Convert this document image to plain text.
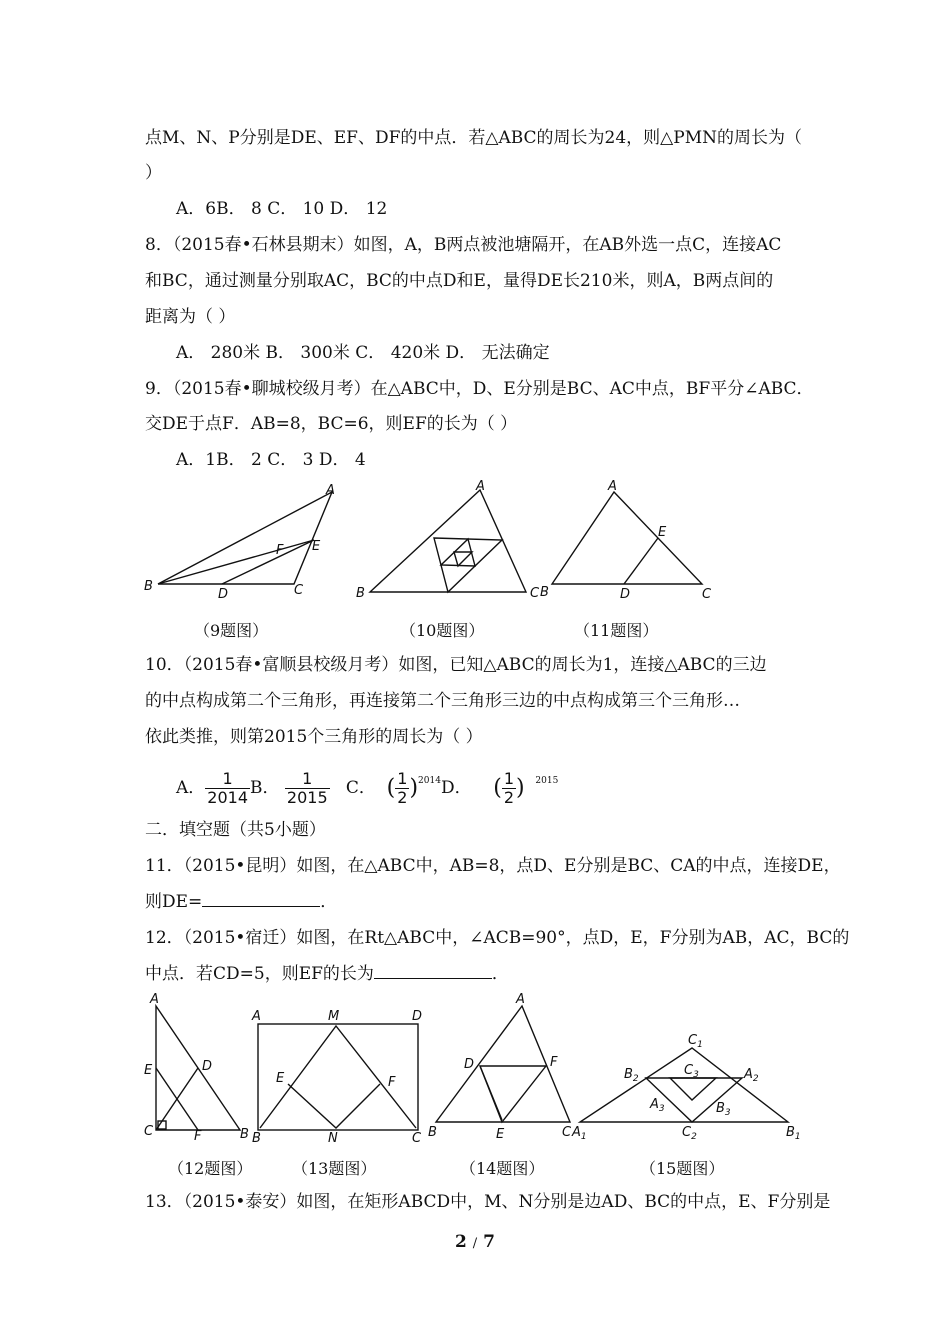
点M、N、P分别是DE、EF、DF的中点．若△ABC的周长为24，则△PMN的周长为（
）
A．6B． 8 C． 10 D． 12
8．（2015春•石林县期末）如图，A，B两点被池塘隔开，在AB外选一点C，连接AC
和BC，通过测量分别取AC，BC的中点D和E，量得DE长210米，则A，B两点间的
距离为（ ）
A． 280米 B． 300米 C． 420米 D． 无法确定
9．（2015春•聊城校级月考）在△ABC中，D、E分别是BC、AC中点，BF平分∠ABC．
交DE于点F．AB=8，BC=6，则EF的长为（ ）
A．1B． 2 C． 3 D． 4
A
B	C
D
E
F
A
B	C
A
B	C
D
E
（9题图）	（10题图）	（11题图）
10．（2015春•富顺县校级月考）如图，已知△ABC的周长为1，连接△ABC的三边
的中点构成第二个三角形，再连接第二个三角形三边的中点构成第三个三角形…
依此类推，则第2015个三角形的周长为（ ）
A． $\frac{1}{2014}$ B． $\frac{1}{2015}$ C． ( $\frac{1}{2} )^{2014}D$． ( $\frac{1}{2}$ ) $^{2015}$
二．填空题（共5小题）
11．（2015•昆明）如图，在△ABC中，AB=8，点D、E分别是BC、CA的中点，连接DE，
则DE=	．
12．（2015•宿迁）如图，在Rt△ABC中，∠ACB=90°，点D，E，F分别为AB，AC，BC的
中点．若CD=5，则EF的长为	．
A
B
C
D
E
F
A
B	C
D
E	F
M
N
A
B	C
D
E
F
$C_1$
$B_2$
$C_3$	$A_2$
$A_3$	$B_3$
$C_2$
$A_1$	$B_1$
（12题图） （13题图）	（14题图）	（15题图）
13．（2015•泰安）如图，在矩形ABCD中，M、N分别是边AD、BC的中点，E、F分别是
2 / 7
